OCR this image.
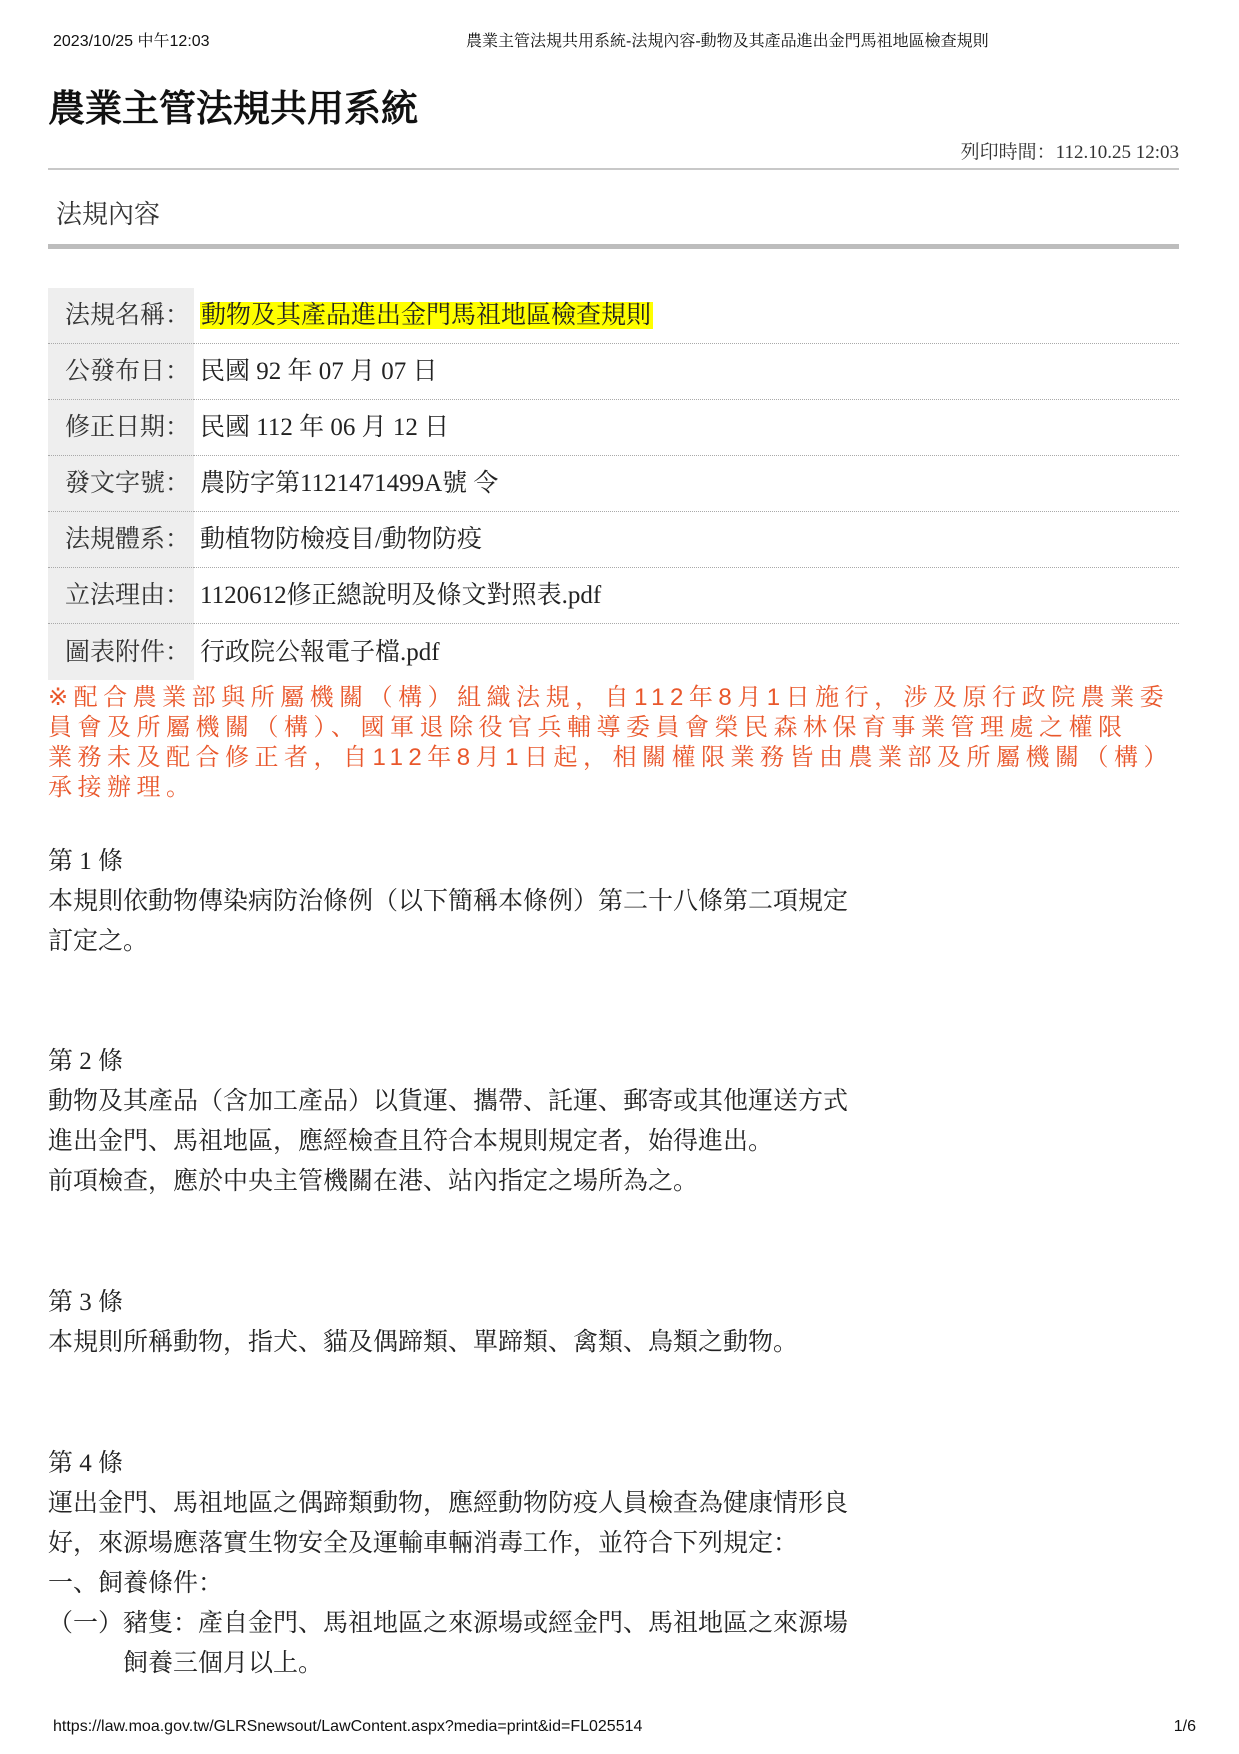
2023/10/25 中午12:03	農業主管法規共用系統-法規內容-動物及其產品進出金門馬祖地區檢查規則
農業主管法規共用系統
列印時間：112.10.25 12:03
法規內容
法規名稱： 動物及其產品進出金門馬祖地區檢查規則
公發布日： 民國 92 年 07 月 07 日
修正日期： 民國 112 年 06 月 12 日
發文字號： 農防字第1121471499A號 令
法規體系： 動植物防檢疫目/動物防疫
立法理由： 1120612修正總說明及條文對照表.pdf
圖表附件： 行政院公報電子檔.pdf
※配合農業部與所屬機關（構）組織法規，自112年8月1日施行，涉及原行政院農業委
員會及所屬機關（構）、國軍退除役官兵輔導委員會榮民森林保育事業管理處之權限
業務未及配合修正者，自112年8月1日起，相關權限業務皆由農業部及所屬機關（構）
承接辦理。
第 1 條
本規則依動物傳染病防治條例（以下簡稱本條例）第二十八條第二項規定
訂定之。
第 2 條
動物及其產品（含加工產品）以貨運、攜帶、託運、郵寄或其他運送方式
進出金門、馬祖地區，應經檢查且符合本規則規定者，始得進出。
前項檢查，應於中央主管機關在港、站內指定之場所為之。
第 3 條
本規則所稱動物，指犬、貓及偶蹄類、單蹄類、禽類、鳥類之動物。
第 4 條
運出金門、馬祖地區之偶蹄類動物，應經動物防疫人員檢查為健康情形良
好，來源場應落實生物安全及運輸車輛消毒工作，並符合下列規定：
一、飼養條件：
（一）豬隻：產自金門、馬祖地區之來源場或經金門、馬祖地區之來源場
飼養三個月以上。
https://law.moa.gov.tw/GLRSnewsout/LawContent.aspx?media=print&id=FL025514	1/6
